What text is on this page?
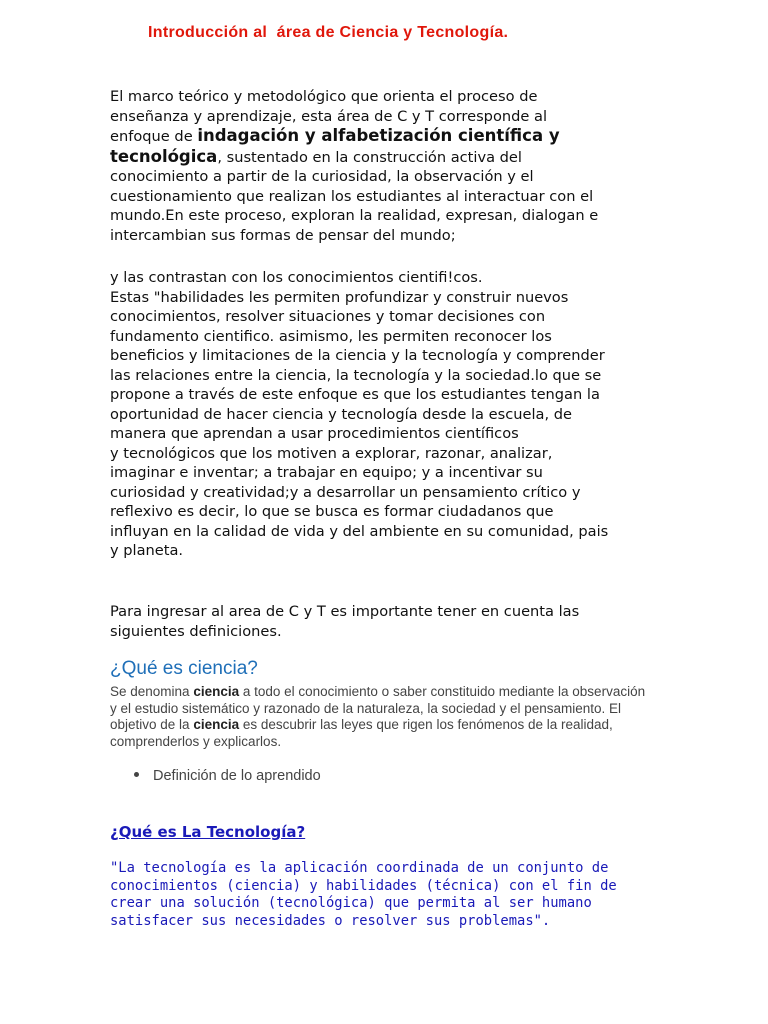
Introducción al  área de Ciencia y Tecnología.
El marco teórico y metodológico que orienta el proceso de
enseñanza y aprendizaje, esta área de C y T corresponde al
enfoque de indagación y alfabetización científica y
tecnológica, sustentado en la construcción activa del
conocimiento a partir de la curiosidad, la observación y el
cuestionamiento que realizan los estudiantes al interactuar con el
mundo.En este proceso, exploran la realidad, expresan, dialogan e
intercambian sus formas de pensar del mundo;
y las contrastan con los conocimientos cientifi!cos.
Estas "habilidades les permiten profundizar y construir nuevos
conocimientos, resolver situaciones y tomar decisiones con
fundamento cientifico. asimismo, les permiten reconocer los
beneficios y limitaciones de la ciencia y la tecnología y comprender
las relaciones entre la ciencia, la tecnología y la sociedad.lo que se
propone a través de este enfoque es que los estudiantes tengan la
oportunidad de hacer ciencia y tecnología desde la escuela, de
manera que aprendan a usar procedimientos científicos
y tecnológicos que los motiven a explorar, razonar, analizar,
imaginar e inventar; a trabajar en equipo; y a incentivar su
curiosidad y creatividad;y a desarrollar un pensamiento crítico y
reflexivo es decir, lo que se busca es formar ciudadanos que
influyan en la calidad de vida y del ambiente en su comunidad, pais
y planeta.
Para ingresar al area de C y T es importante tener en cuenta las
siguientes definiciones.
¿Qué es ciencia?
Se denomina ciencia a todo el conocimiento o saber constituido mediante la observación y el estudio sistemático y razonado de la naturaleza, la sociedad y el pensamiento. El objetivo de la ciencia es descubrir las leyes que rigen los fenómenos de la realidad, comprenderlos y explicarlos.
Definición de lo aprendido
¿Qué es La Tecnología?
"La tecnología es la aplicación coordinada de un conjunto de
conocimientos (ciencia) y habilidades (técnica) con el fin de
crear una solución (tecnológica) que permita al ser humano
satisfacer sus necesidades o resolver sus problemas".
